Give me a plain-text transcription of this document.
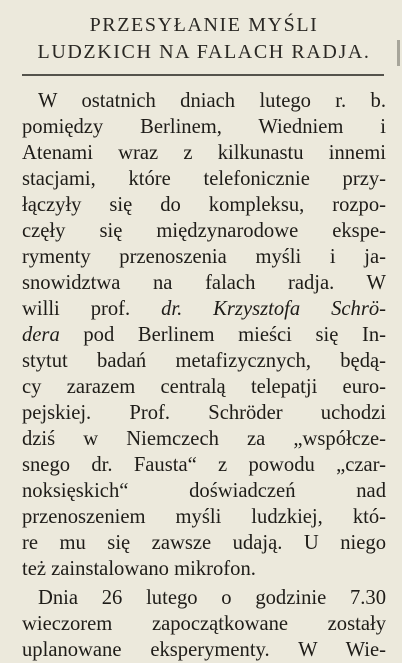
PRZESYŁANIE MYŚLI
LUDZKICH NA FALACH RADJA.
W ostatnich dniach lutego r. b.
pomiędzy Berlinem, Wiedniem i
Atenami wraz z kilkunastu innemi
stacjami, które telefonicznie przy-
łączyły się do kompleksu, rozpo-
częły się międzynarodowe ekspe-
rymenty przenoszenia myśli i ja-
snowidztwa na falach radja. W
willi prof. dr. Krzysztofa Schrö-
dera pod Berlinem mieści się In-
stytut badań metafizycznych, będą-
cy zarazem centralą telepatji euro-
pejskiej. Prof. Schröder uchodzi
dziś w Niemczech za „współcze-
snego dr. Fausta“ z powodu „czar-
noksięskich“ doświadczeń nad
przenoszeniem myśli ludzkiej, któ-
re mu się zawsze udają. U niego
też zainstalowano mikrofon.
Dnia 26 lutego o godzinie 7.30
wieczorem zapoczątkowane zostały
uplanowane eksperymenty. W Wie-
